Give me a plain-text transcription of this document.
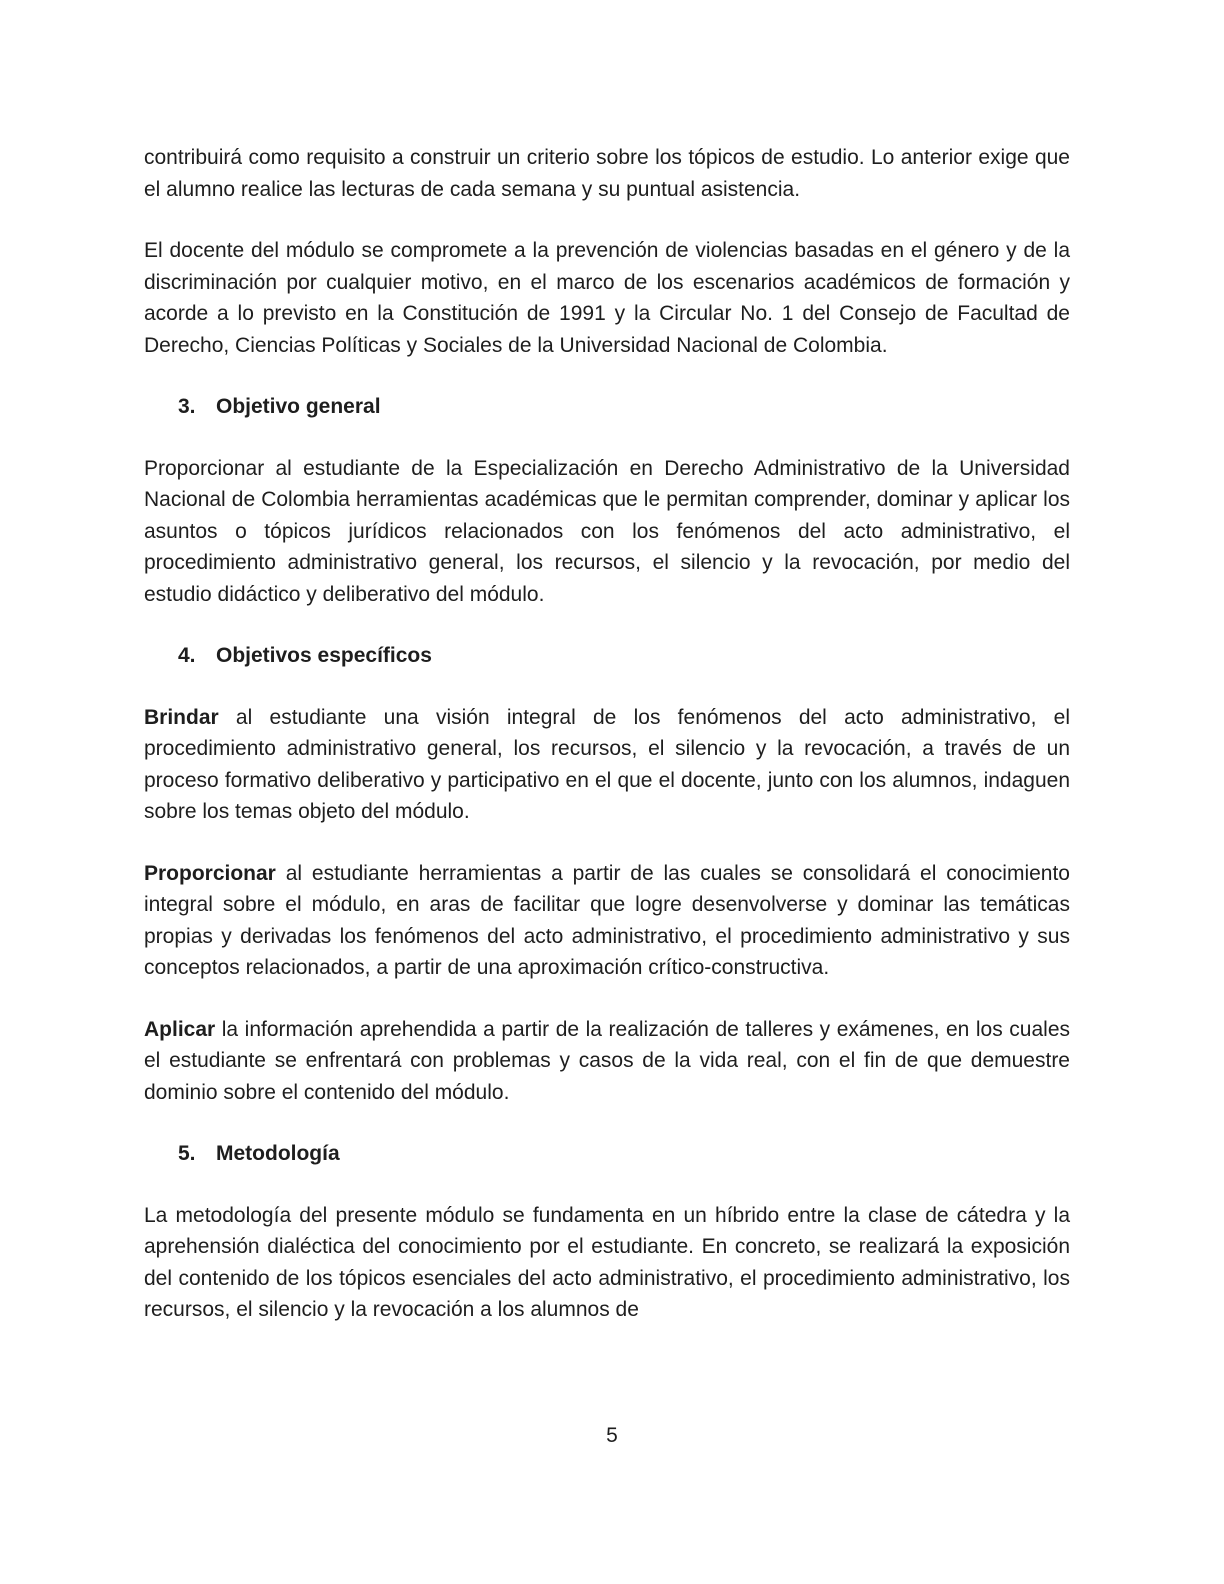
contribuirá como requisito a construir un criterio sobre los tópicos de estudio. Lo anterior exige que el alumno realice las lecturas de cada semana y su puntual asistencia.

El docente del módulo se compromete a la prevención de violencias basadas en el género y de la discriminación por cualquier motivo, en el marco de los escenarios académicos de formación y acorde a lo previsto en la Constitución de 1991 y la Circular No. 1 del Consejo de Facultad de Derecho, Ciencias Políticas y Sociales de la Universidad Nacional de Colombia.

3. Objetivo general

Proporcionar al estudiante de la Especialización en Derecho Administrativo de la Universidad Nacional de Colombia herramientas académicas que le permitan comprender, dominar y aplicar los asuntos o tópicos jurídicos relacionados con los fenómenos del acto administrativo, el procedimiento administrativo general, los recursos, el silencio y la revocación, por medio del estudio didáctico y deliberativo del módulo.

4. Objetivos específicos

Brindar al estudiante una visión integral de los fenómenos del acto administrativo, el procedimiento administrativo general, los recursos, el silencio y la revocación, a través de un proceso formativo deliberativo y participativo en el que el docente, junto con los alumnos, indaguen sobre los temas objeto del módulo.

Proporcionar al estudiante herramientas a partir de las cuales se consolidará el conocimiento integral sobre el módulo, en aras de facilitar que logre desenvolverse y dominar las temáticas propias y derivadas los fenómenos del acto administrativo, el procedimiento administrativo y sus conceptos relacionados, a partir de una aproximación crítico-constructiva.

Aplicar la información aprehendida a partir de la realización de talleres y exámenes, en los cuales el estudiante se enfrentará con problemas y casos de la vida real, con el fin de que demuestre dominio sobre el contenido del módulo.

5. Metodología

La metodología del presente módulo se fundamenta en un híbrido entre la clase de cátedra y la aprehensión dialéctica del conocimiento por el estudiante. En concreto, se realizará la exposición del contenido de los tópicos esenciales del acto administrativo, el procedimiento administrativo, los recursos, el silencio y la revocación a los alumnos de

5
